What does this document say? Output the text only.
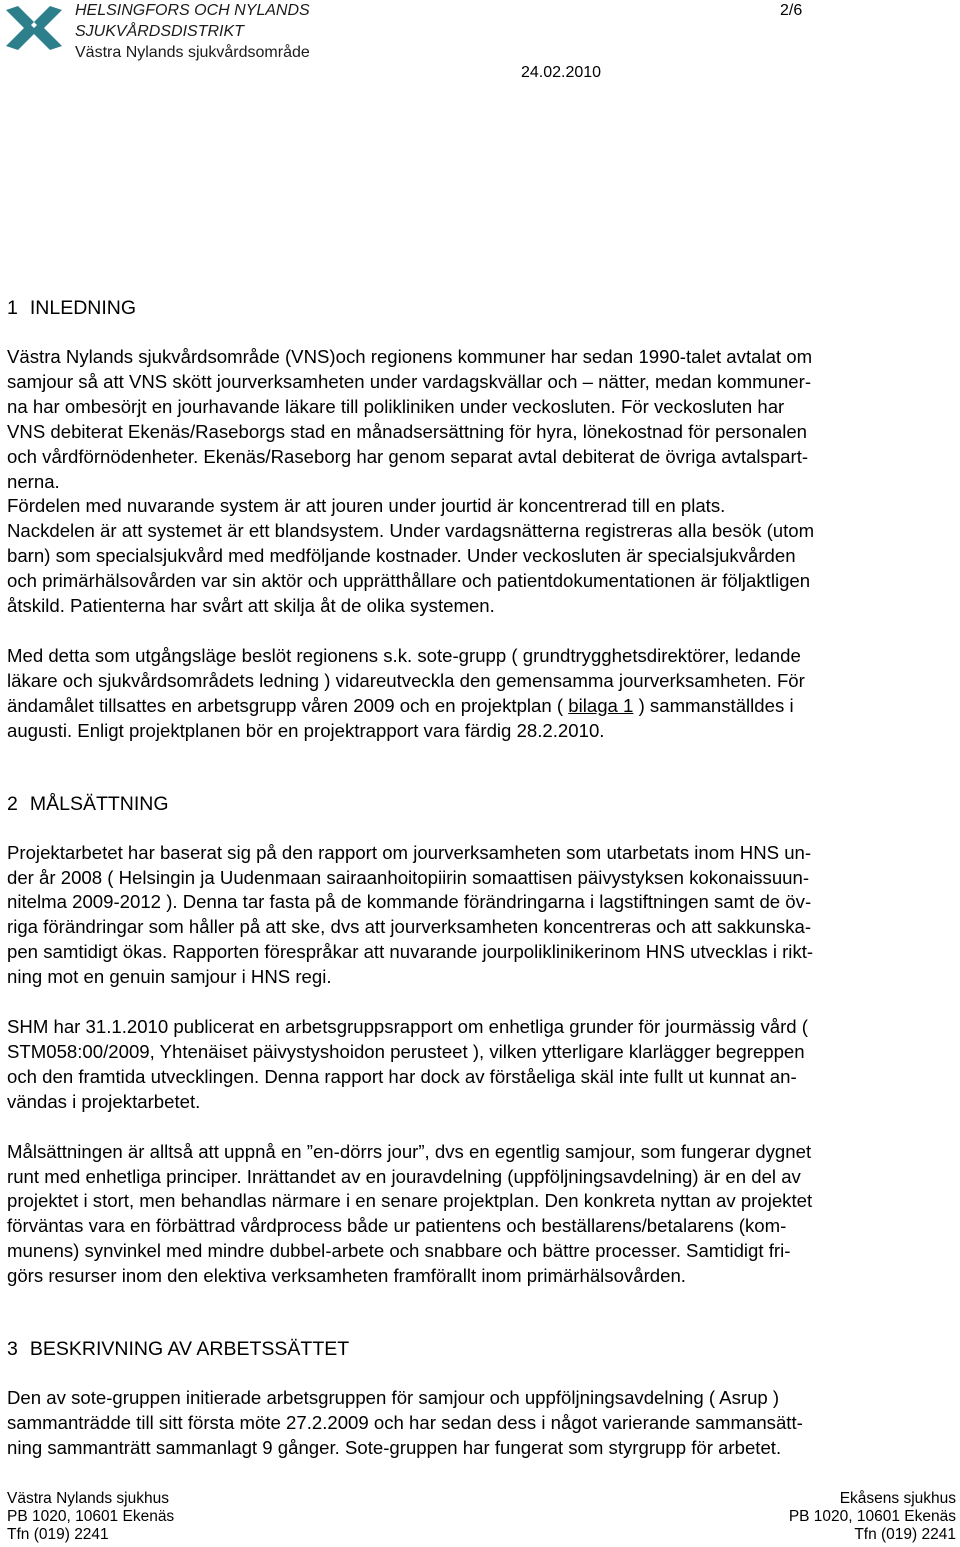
HELSINGFORS OCH NYLANDS
SJUKVÅRDSDISTRIKT
Västra Nylands sjukvårdsområde
2/6
24.02.2010
1 INLEDNING

Västra Nylands sjukvårdsområde (VNS)och regionens kommuner har sedan 1990-talet avtalat om
samjour så att VNS skött jourverksamheten under vardagskvällar och – nätter, medan kommuner-
na har ombesörjt en jourhavande läkare till polikliniken under veckosluten. För veckosluten har
VNS debiterat Ekenäs/Raseborgs stad en månadsersättning för hyra, lönekostnad för personalen
och vårdförnödenheter. Ekenäs/Raseborg har genom separat avtal debiterat de övriga avtalspart-
nerna.
Fördelen med nuvarande system är att jouren under jourtid är koncentrerad till en plats.
Nackdelen är att systemet är ett blandsystem. Under vardagsnätterna registreras alla besök (utom
barn) som specialsjukvård med medföljande kostnader. Under veckosluten är specialsjukvården
och primärhälsovården var sin aktör och upprätthållare och patientdokumentationen är följaktligen
åtskild. Patienterna har svårt att skilja åt de olika systemen.

Med detta som utgångsläge beslöt regionens s.k. sote-grupp ( grundtrygghetsdirektörer, ledande
läkare och sjukvårdsområdets ledning ) vidareutveckla den gemensamma jourverksamheten. För
ändamålet tillsattes en arbetsgrupp våren 2009 och en projektplan ( bilaga 1 ) sammanställdes i
augusti. Enligt projektplanen bör en projektrapport vara färdig 28.2.2010.

2 MÅLSÄTTNING

Projektarbetet har baserat sig på den rapport om jourverksamheten som utarbetats inom HNS un-
der år 2008 ( Helsingin ja Uudenmaan sairaanhoitopiirin somaattisen päivystyksen kokonaissuun-
nitelma 2009-2012 ). Denna tar fasta på de kommande förändringarna i lagstiftningen samt de öv-
riga förändringar som håller på att ske, dvs att jourverksamheten koncentreras och att sakkunska-
pen samtidigt ökas. Rapporten förespråkar att nuvarande jourpoliklinikerinom HNS utvecklas i rikt-
ning mot en genuin samjour i HNS regi.

SHM har 31.1.2010 publicerat en arbetsgruppsrapport om enhetliga grunder för jourmässig vård (
STM058:00/2009, Yhtenäiset päivystyshoidon perusteet ), vilken ytterligare klarlägger begreppen
och den framtida utvecklingen. Denna rapport har dock av förståeliga skäl inte fullt ut kunnat an-
vändas i projektarbetet.

Målsättningen är alltså att uppnå en ”en-dörrs jour”, dvs en egentlig samjour, som fungerar dygnet
runt med enhetliga principer. Inrättandet av en jouravdelning (uppföljningsavdelning) är en del av
projektet i stort, men behandlas närmare i en senare projektplan. Den konkreta nyttan av projektet
förväntas vara en förbättrad vårdprocess både ur patientens och beställarens/betalarens (kom-
munens) synvinkel med mindre dubbel-arbete och snabbare och bättre processer. Samtidigt fri-
görs resurser inom den elektiva verksamheten framförallt inom primärhälsovården.

3 BESKRIVNING AV ARBETSSÄTTET

Den av sote-gruppen initierade arbetsgruppen för samjour och uppföljningsavdelning ( Asrup )
sammanträdde till sitt första möte 27.2.2009 och har sedan dess i något varierande sammansätt-
ning sammanträtt sammanlagt 9 gånger. Sote-gruppen har fungerat som styrgrupp för arbetet.

Västra Nylands sjukhus
PB 1020, 10601 Ekenäs
Tfn (019) 2241
Ekåsens sjukhus
PB 1020, 10601 Ekenäs
Tfn (019) 2241
